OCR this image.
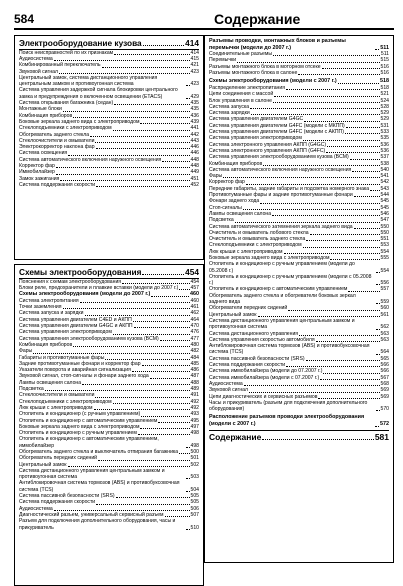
584	Содержание
Электрооборудование кузова	414
Поиск неисправностей по их признакам	414
Аудиосистема	415
Комбинированный переключатель	421
Звуковой сигнал	423
Центральный замок, система дистанционного управления центральным замком и противоугонная система	423
Система управления задержкой сигнала блокировки центрального замка и предупреждения о включенном освещении (ETACS)	429
Система открывания багажника (седан)	435
Монтажные блоки	435
Комбинация приборов	436
Боковые зеркала заднего вида с электроприводом	439
Стеклоподъемники с электроприводом	441
Обогреватель заднего стекла	442
Стеклоочистители и омыватели	443
Электрокорректор наклона фар	446
Система освещения	446
Система автоматического включения наружного освещения	448
Корректор фар	448
Иммобилайзер	449
Замок зажигания	451
Система поддержания скорости	452
Схемы электрооборудования	454
Пояснения к схемам электрооборудования	454
Блоки реле, предохранители и плавкие вставки (модели до 2007 г.) 457
Схемы электрооборудования (модели до 2007 г.)	460
Система электропитания	460
Точки заземления	461
Система запуска и зарядки	462
Система управления двигателем C4ED и АКПП	464
Система управления двигателем G4GC и АКПП	470
Система управления электроприводом	476
Система управления электрооборудованием кузова (BCM)	477
Комбинация приборов	480
Фары	482
Габариты и противотуманные фары	484
Задние противотуманные фонари и корректор фар	485
Указатели поворота и аварийная сигнализация	486
Звуковой сигнал, стоп-сигналы и фонари заднего хода	487
Лампы освещения салона	488
Подсветка	489
Стеклоочистители и омыватели	491
Стеклоподъемники с электроприводом	492
Люк крыши с электроприводом	492
Отопитель и кондиционер (с ручным управлением)	493
Отопитель и кондиционер с автоматическим управлением	495
Боковые зеркала заднего вида с электроприводом	497
Отопитель и кондиционер с ручным управлением	498
Отопитель и кондиционер с автоматическим управлением, иммобилайзер	498
Обогреватель заднего стекла и выключатель отпирания багажника 500
Обогреватель передних сидений	501
Центральный замок	502
Система дистанционного управления центральным замком и противоугонная система	503
Антиблокировочная система тормозов (ABS) и противобуксовочная система (TCS)	504
Система пассивной безопасности (SRS)	505
Система поддержания скорости	505
Аудиосистема	506
Диагностический разъем, универсальный сервисный разъем	507
Разъем для подключения дополнительного оборудования, часы и прикуриватель	510
Разъемы проводки, монтажных блоков и разъемы перемычки (модели до 2007 г.)	511
Соединительные разъемы	511
Перемычки	515
Разъемы монтажного блока в моторном отсеке	516
Разъемы монтажного блока в салоне	516
Схемы электрооборудования (модели с 2007 г.)	518
Распределение электропитания	518
Цепи соединения с массой	521
Блок управления в салоне	524
Система запуска	528
Система зарядки	529
Система управления двигателем G4GC	529
Система управления двигателем G4FC (модели с МКПП)	531
Система управления двигателем G4FC (модели с АКПП)	533
Система управления электроприводом	535
Система электронного управления АКПП (G4GC)	536
Система электронного управления АКПП (G4FC)	536
Система управления электрооборудованием кузова (BCM)	537
Комбинация приборов	538
Система автоматического включения наружного освещения	540
Фары	541
Корректор фар	542
Передние габариты, задние габариты и подсветка номерного знака 543
Противотуманные фары и задние противотуманные фонари	544
Фонари заднего хода	545
Стоп-сигналы	545
Лампы освещения салона	546
Подсветка	547
Система автоматического затемнения зеркала заднего вида	550
Очиститель и омыватель лобового стекла	550
Очиститель и омыватель заднего стекла	551
Стеклоподъемники с электроприводом	553
Люк крыши с электроприводом	554
Боковые зеркала заднего вида с электроприводом	555
Отопитель и кондиционер с ручным управлением (модели до 05.2008 г.)	554
Отопитель и кондиционер с ручным управлением (модели с 05.2008 г.)	556
Отопитель и кондиционер с автоматическим управлением	557
Обогреватель заднего стекла и обогреватели боковых зеркал заднего вида	559
Обогреватели передних сидений	560
Центральный замок	561
Система дистанционного управления центральным замком и противоугонная система	562
Система дистанционного управления	563
Система управления скоростью автомобиля	563
Антиблокировочная система тормозов (ABS) и противобуксовочная система (TCS)	564
Система пассивной безопасности (SRS)	565
Система поддержания скорости	566
Система иммобилайзера (модели до 07.2007 г.)	566
Система иммобилайзера (модели с 07.2007 г.)	567
Аудиосистема	568
Звуковой сигнал	569
Цепи диагностических и сервисных разъемов	569
Часы и прикуриватель (разъем для подключения дополнительного оборудования)	570
Расположение разъемов проводки электрооборудования (модели с 2007 г.)	572
Содержание	581
